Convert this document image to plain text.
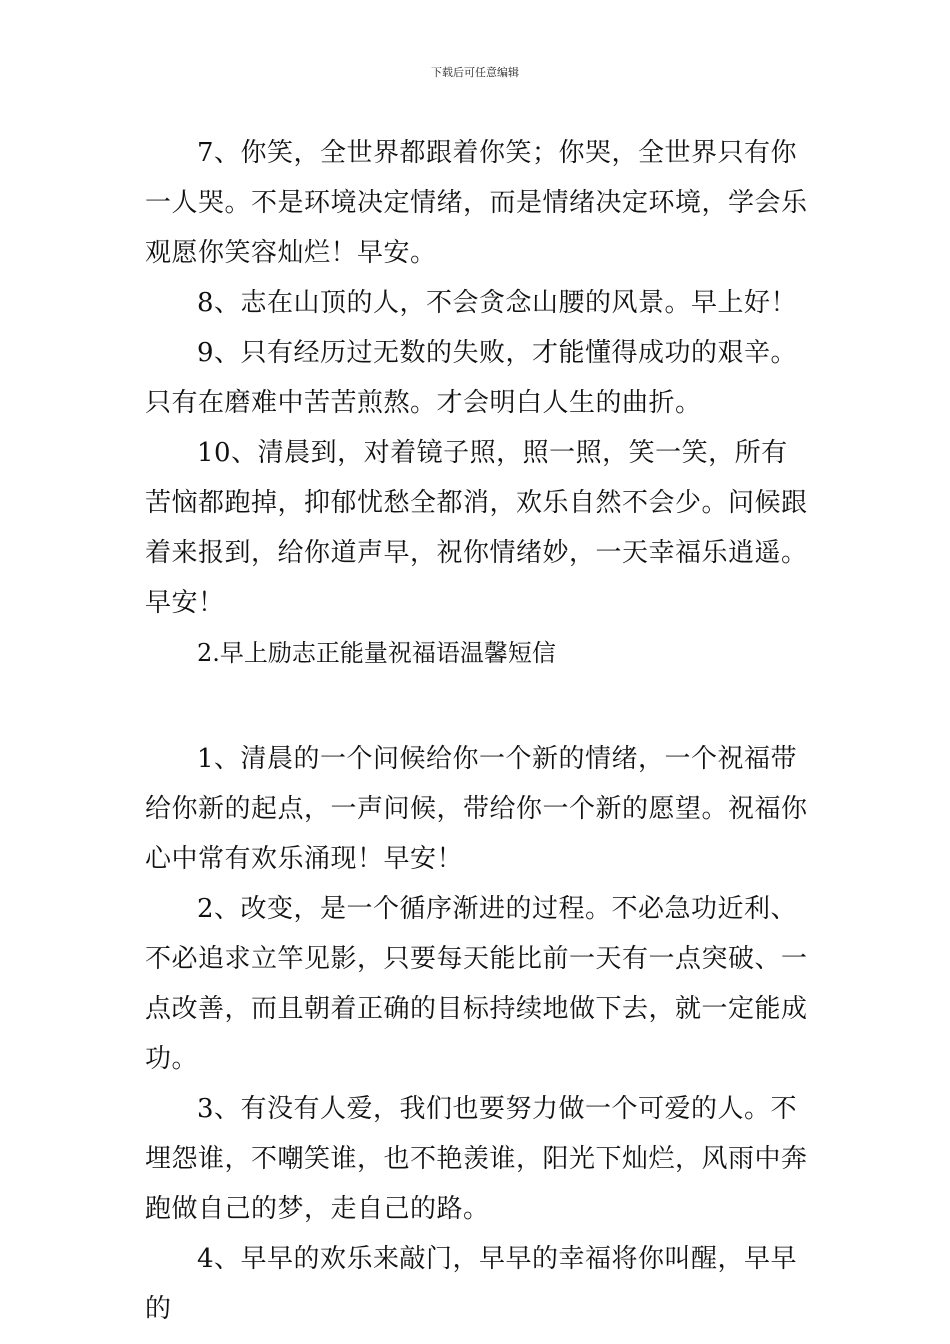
下载后可任意编辑

7、你笑，全世界都跟着你笑；你哭，全世界只有你一人哭。不是环境决定情绪，而是情绪决定环境，学会乐观愿你笑容灿烂！早安。

8、志在山顶的人，不会贪念山腰的风景。早上好！

9、只有经历过无数的失败，才能懂得成功的艰辛。只有在磨难中苦苦煎熬。才会明白人生的曲折。

10、清晨到，对着镜子照，照一照，笑一笑，所有苦恼都跑掉，抑郁忧愁全都消，欢乐自然不会少。问候跟着来报到，给你道声早，祝你情绪妙，一天幸福乐逍遥。早安！

2.早上励志正能量祝福语温馨短信

1、清晨的一个问候给你一个新的情绪，一个祝福带给你新的起点，一声问候，带给你一个新的愿望。祝福你心中常有欢乐涌现！早安！

2、改变，是一个循序渐进的过程。不必急功近利、不必追求立竿见影，只要每天能比前一天有一点突破、一点改善，而且朝着正确的目标持续地做下去，就一定能成功。

3、有没有人爱，我们也要努力做一个可爱的人。不埋怨谁，不嘲笑谁，也不艳羡谁，阳光下灿烂，风雨中奔跑做自己的梦，走自己的路。

4、早早的欢乐来敲门，早早的幸福将你叫醒，早早的
